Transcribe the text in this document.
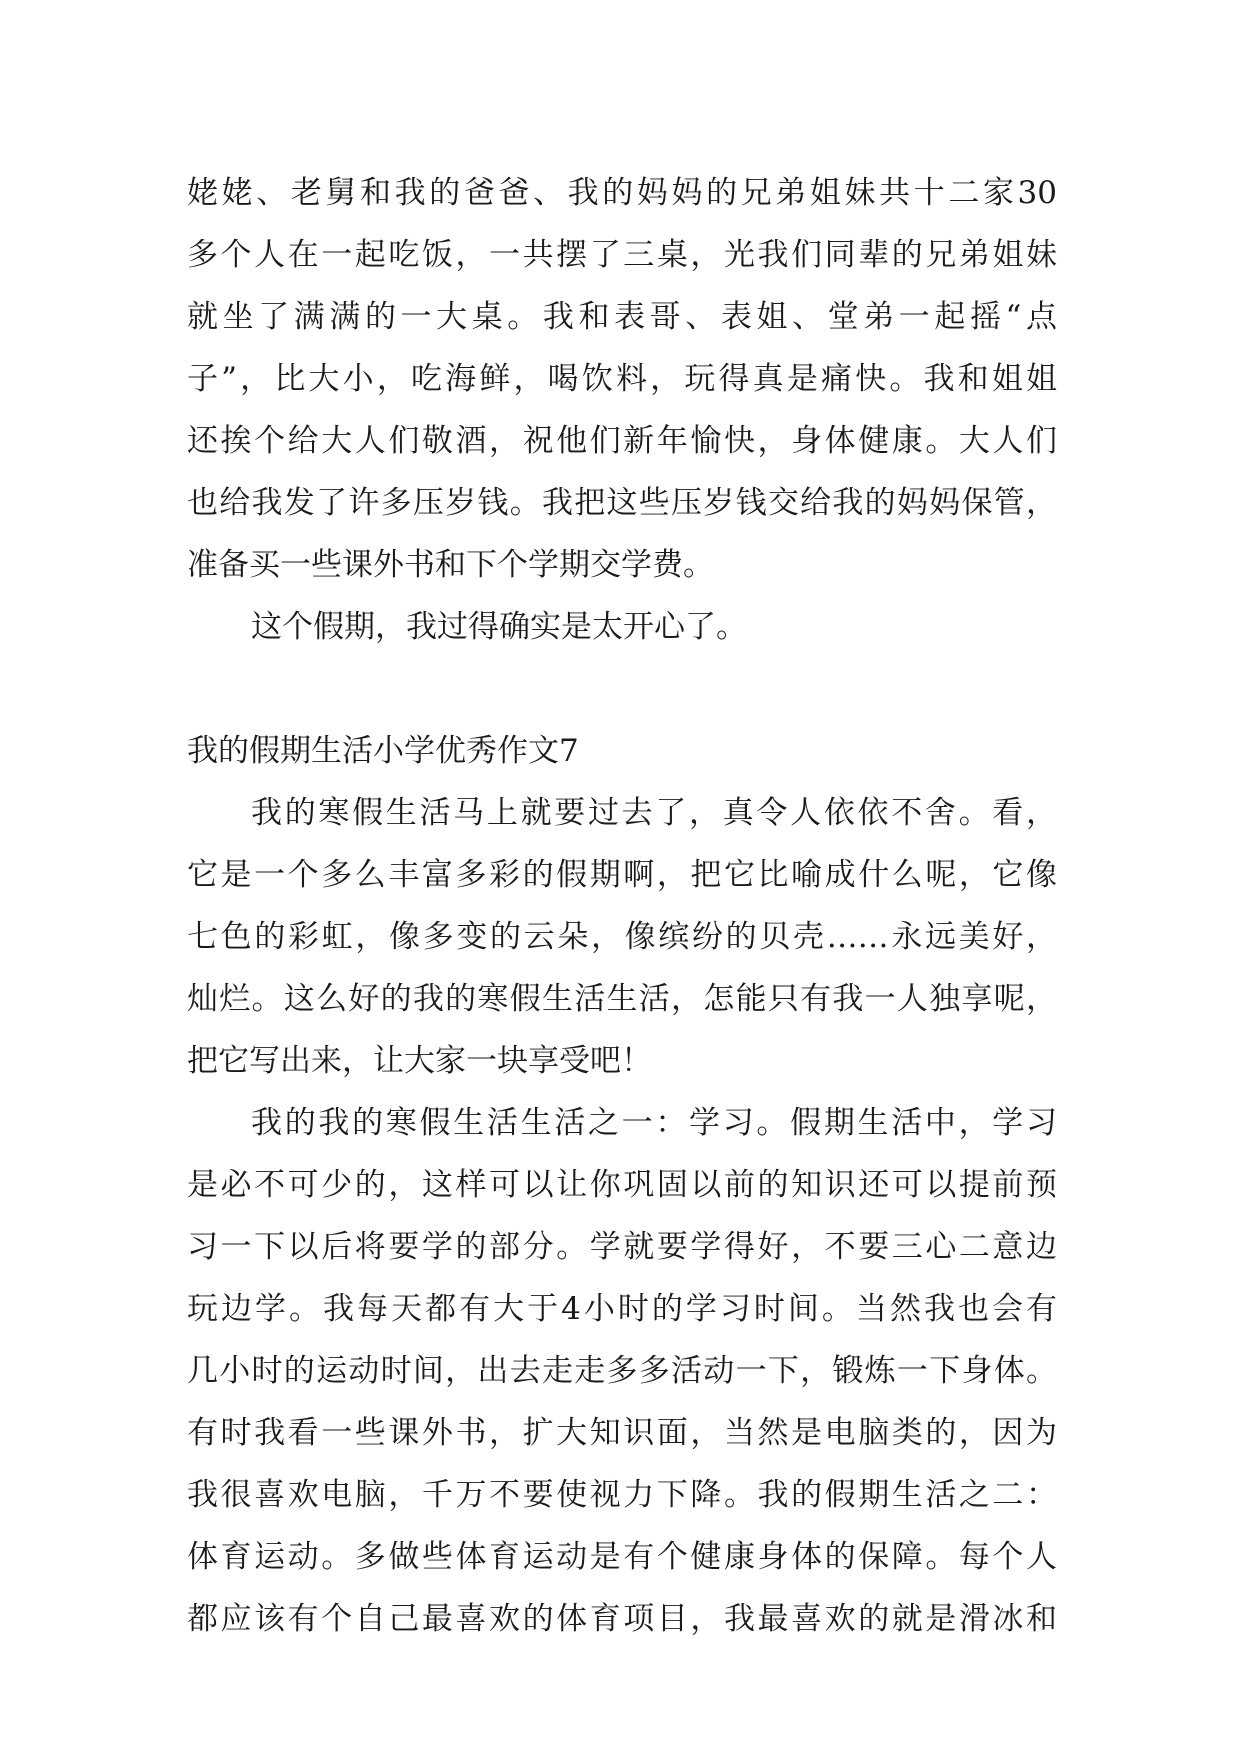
姥姥、老舅和我的爸爸、我的妈妈的兄弟姐妹共十二家30
多个人在一起吃饭，一共摆了三桌，光我们同辈的兄弟姐妹
就坐了满满的一大桌。我和表哥、表姐、堂弟一起摇“点
子”，比大小，吃海鲜，喝饮料，玩得真是痛快。我和姐姐
还挨个给大人们敬酒，祝他们新年愉快，身体健康。大人们
也给我发了许多压岁钱。我把这些压岁钱交给我的妈妈保管，
准备买一些课外书和下个学期交学费。
这个假期，我过得确实是太开心了。
我的假期生活小学优秀作文7
我的寒假生活马上就要过去了，真令人依依不舍。看，
它是一个多么丰富多彩的假期啊，把它比喻成什么呢，它像
七色的彩虹，像多变的云朵，像缤纷的贝壳……永远美好，
灿烂。这么好的我的寒假生活生活，怎能只有我一人独享呢，
把它写出来，让大家一块享受吧！
我的我的寒假生活生活之一：学习。假期生活中，学习
是必不可少的，这样可以让你巩固以前的知识还可以提前预
习一下以后将要学的部分。学就要学得好，不要三心二意边
玩边学。我每天都有大于4小时的学习时间。当然我也会有
几小时的运动时间，出去走走多多活动一下，锻炼一下身体。
有时我看一些课外书，扩大知识面，当然是电脑类的，因为
我很喜欢电脑，千万不要使视力下降。我的假期生活之二：
体育运动。多做些体育运动是有个健康身体的保障。每个人
都应该有个自己最喜欢的体育项目，我最喜欢的就是滑冰和
